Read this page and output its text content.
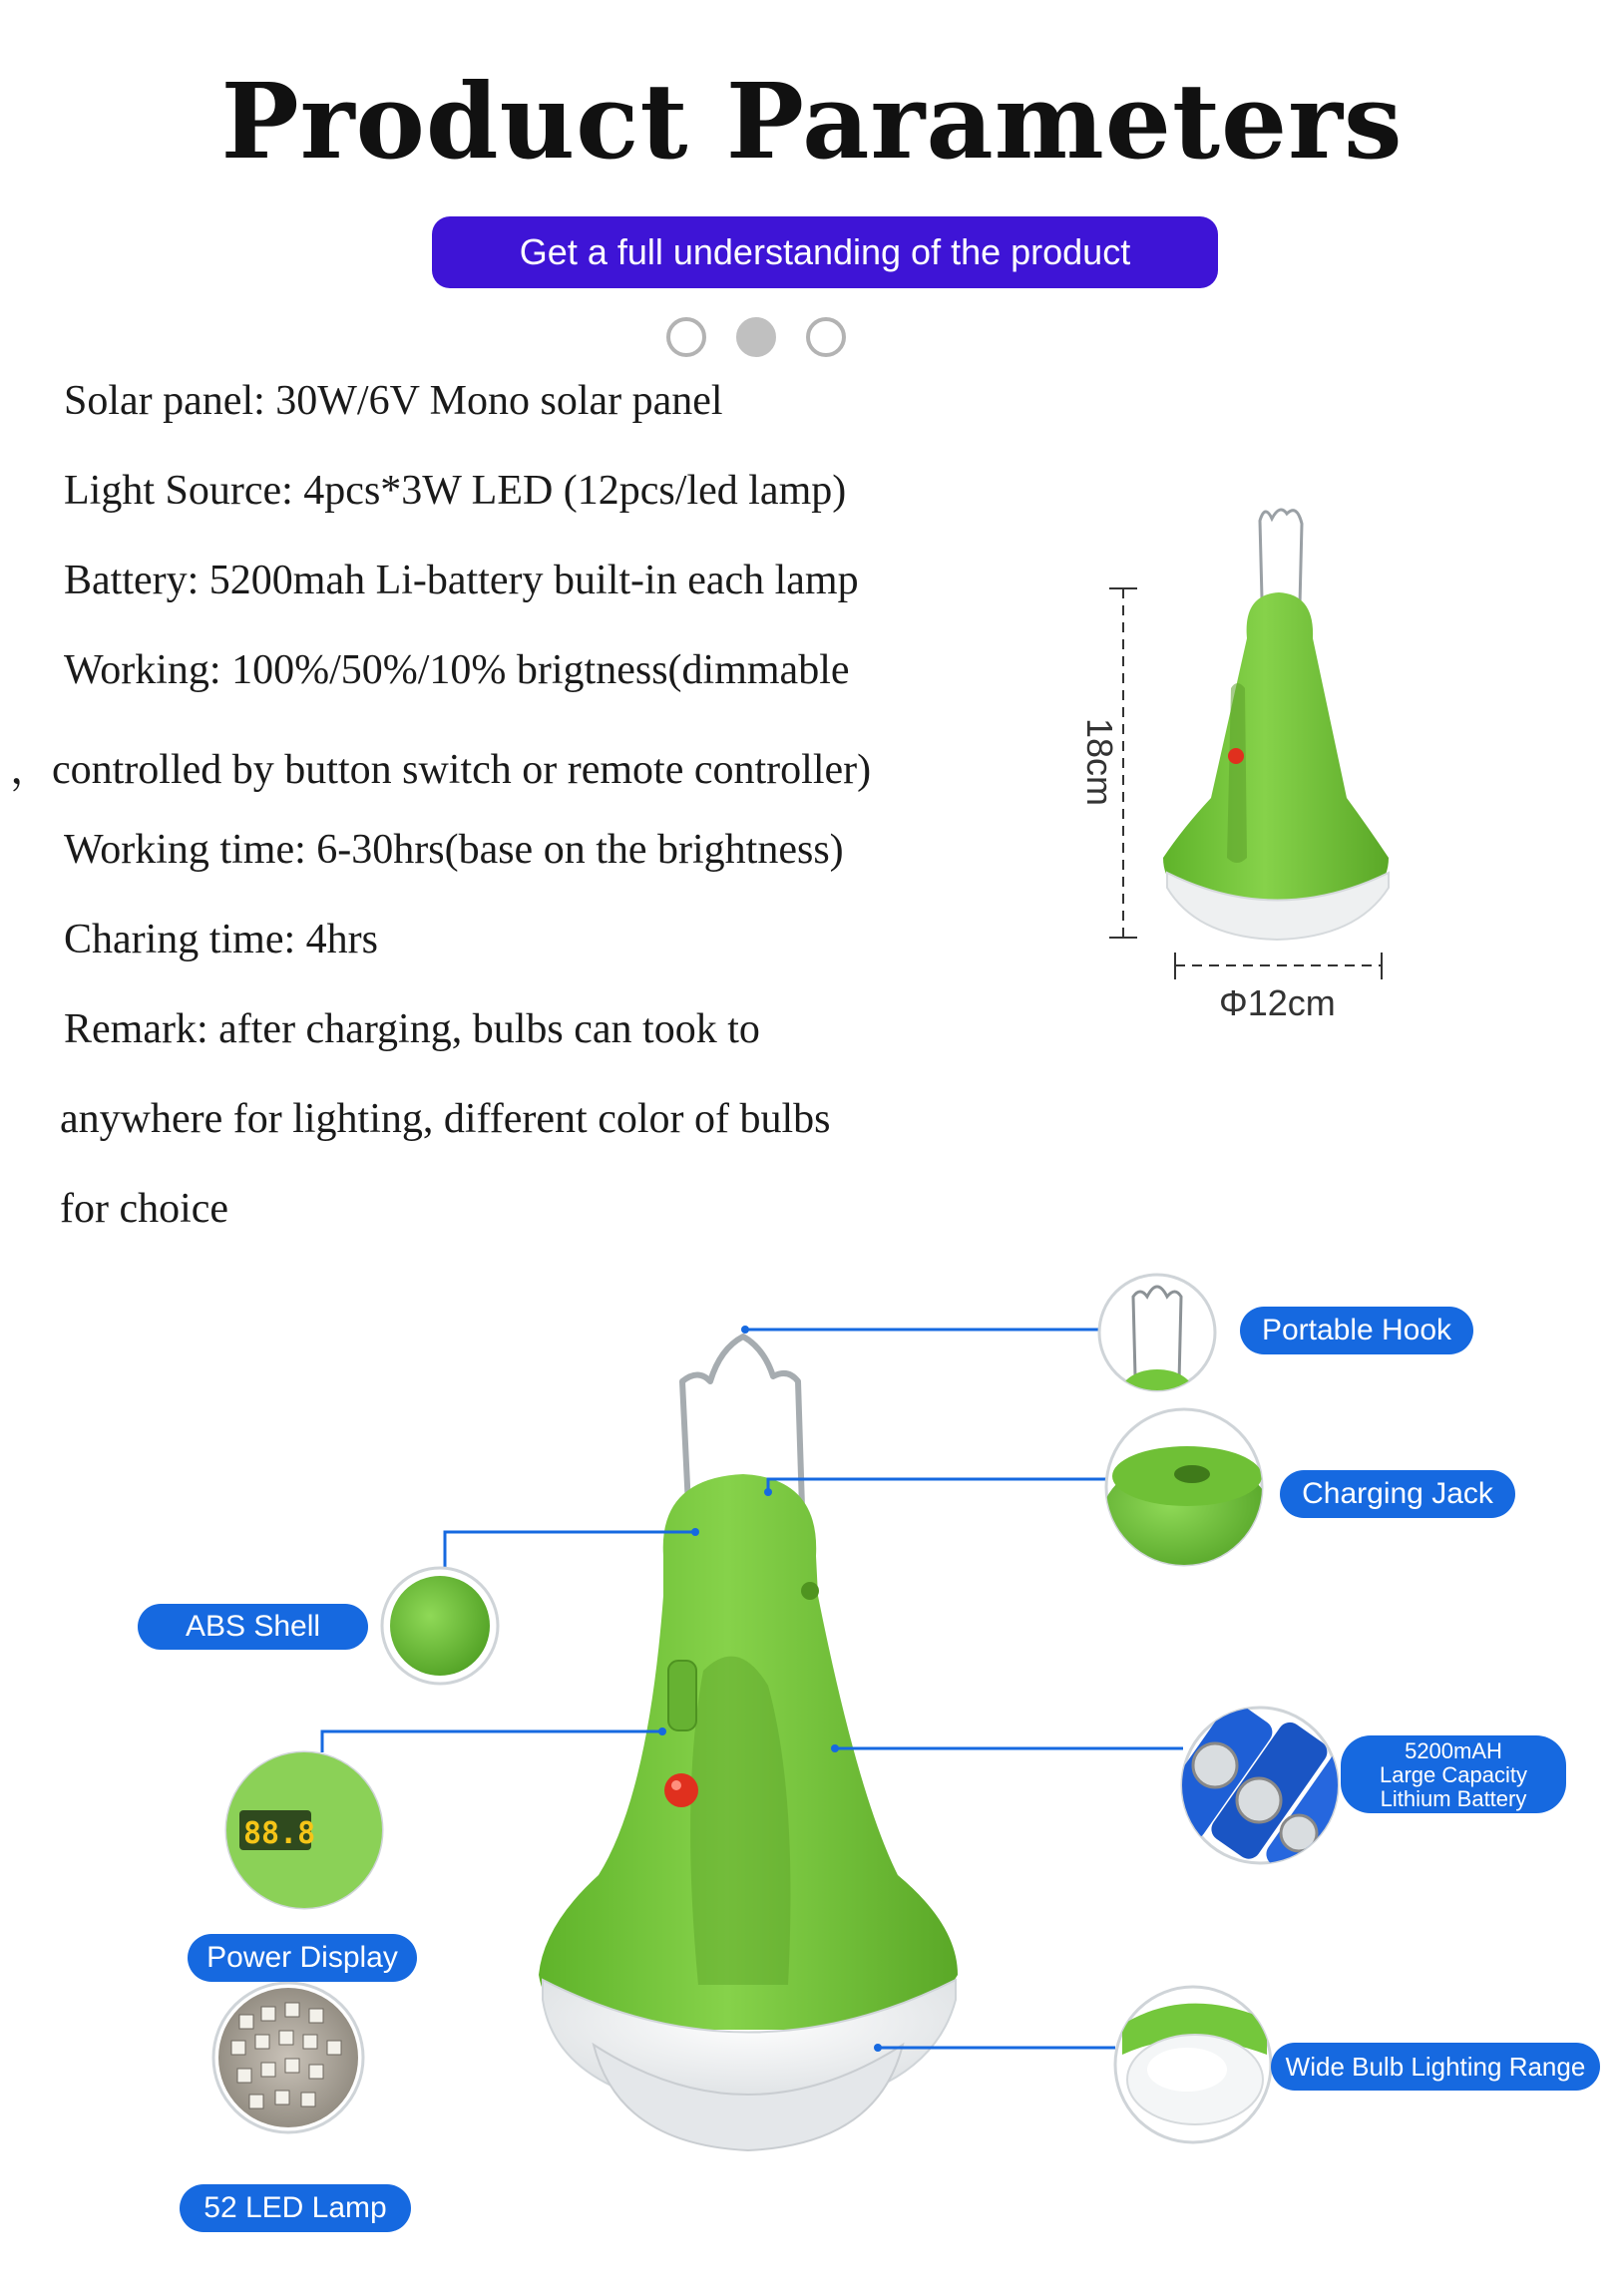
Product Parameters
Get a full understanding of the product
Solar panel: 30W/6V Mono solar panel
Light Source: 4pcs*3W LED (12pcs/led lamp)
Battery: 5200mah Li-battery built-in each lamp
Working: 100%/50%/10% brigtness(dimmable
，controlled by button switch or remote controller)
Working time: 6-30hrs(base on the brightness)
Charing time: 4hrs
Remark: after charging, bulbs can took to
anywhere for lighting, different color of bulbs
for choice
18cm
Φ12cm
88.8
Portable Hook
Charging Jack
ABS Shell
5200mAH
Large Capacity
Lithium Battery
Power Display
Wide Bulb Lighting Range
52 LED Lamp
